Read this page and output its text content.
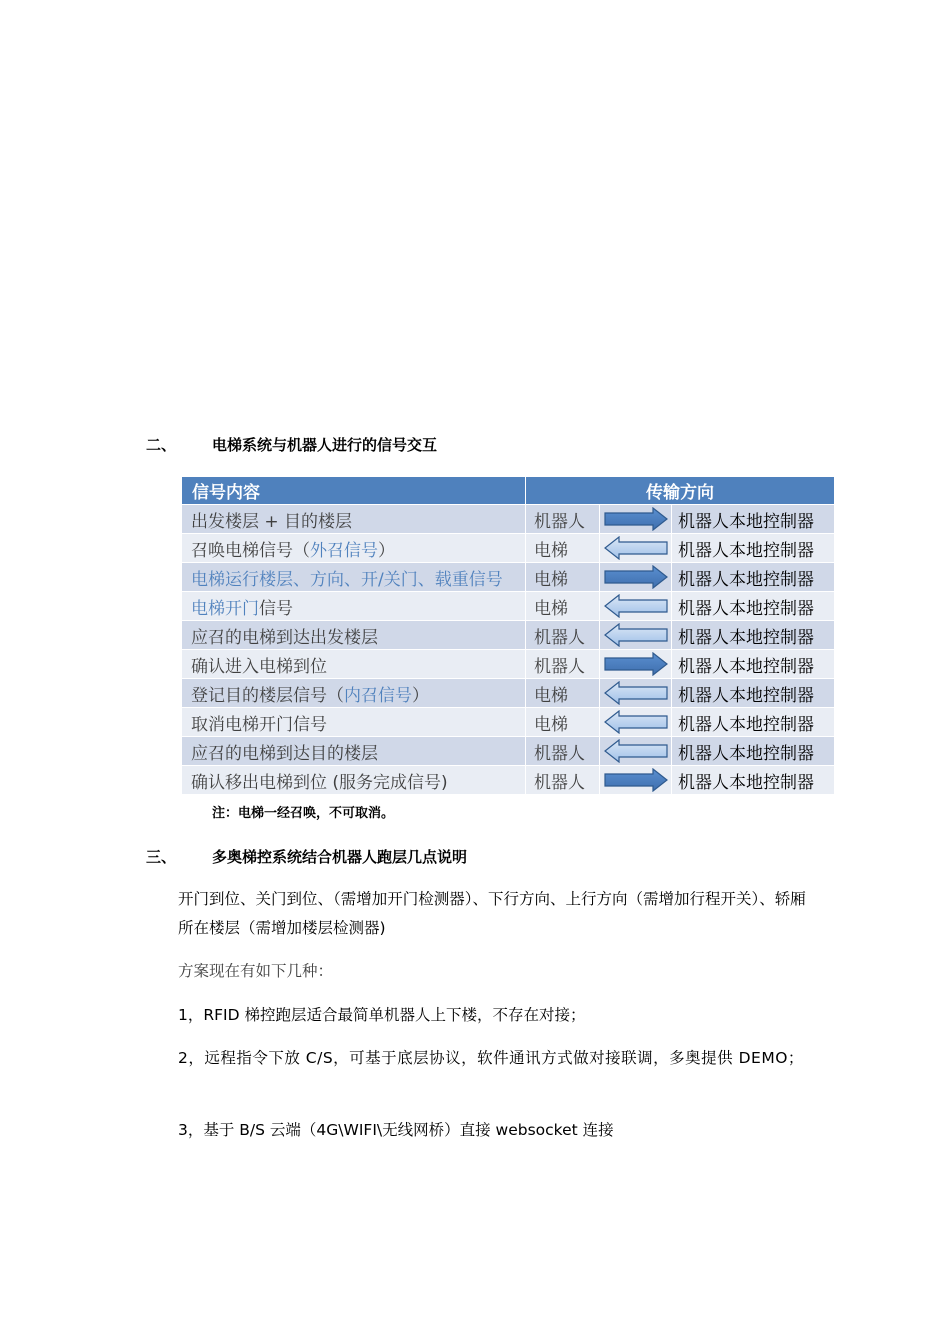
二、 电梯系统与机器人进行的信号交互
信号内容	传输方向		
出发楼层 + 目的楼层	机器人		机器人本地控制器
召唤电梯信号（外召信号）	电梯		机器人本地控制器
电梯运行楼层、方向、开/关门、载重信号	电梯		机器人本地控制器
电梯开门信号	电梯		机器人本地控制器
应召的电梯到达出发楼层	机器人		机器人本地控制器
确认进入电梯到位	机器人		机器人本地控制器
登记目的楼层信号（内召信号）	电梯		机器人本地控制器
取消电梯开门信号	电梯		机器人本地控制器
应召的电梯到达目的楼层	机器人		机器人本地控制器
确认移出电梯到位 (服务完成信号)	机器人		机器人本地控制器
注：电梯一经召唤，不可取消。
三、 多奥梯控系统结合机器人跑层几点说明
开门到位、关门到位、（需增加开门检测器）、下行方向、上行方向（需增加行程开关）、轿厢所在楼层（需增加楼层检测器)
方案现在有如下几种：
1，RFID 梯控跑层适合最简单机器人上下楼，不存在对接；
2，远程指令下放 C/S，可基于底层协议，软件通讯方式做对接联调，多奥提供 DEMO；
3，基于 B/S 云端（4G\WIFI\无线网桥）直接 websocket 连接
